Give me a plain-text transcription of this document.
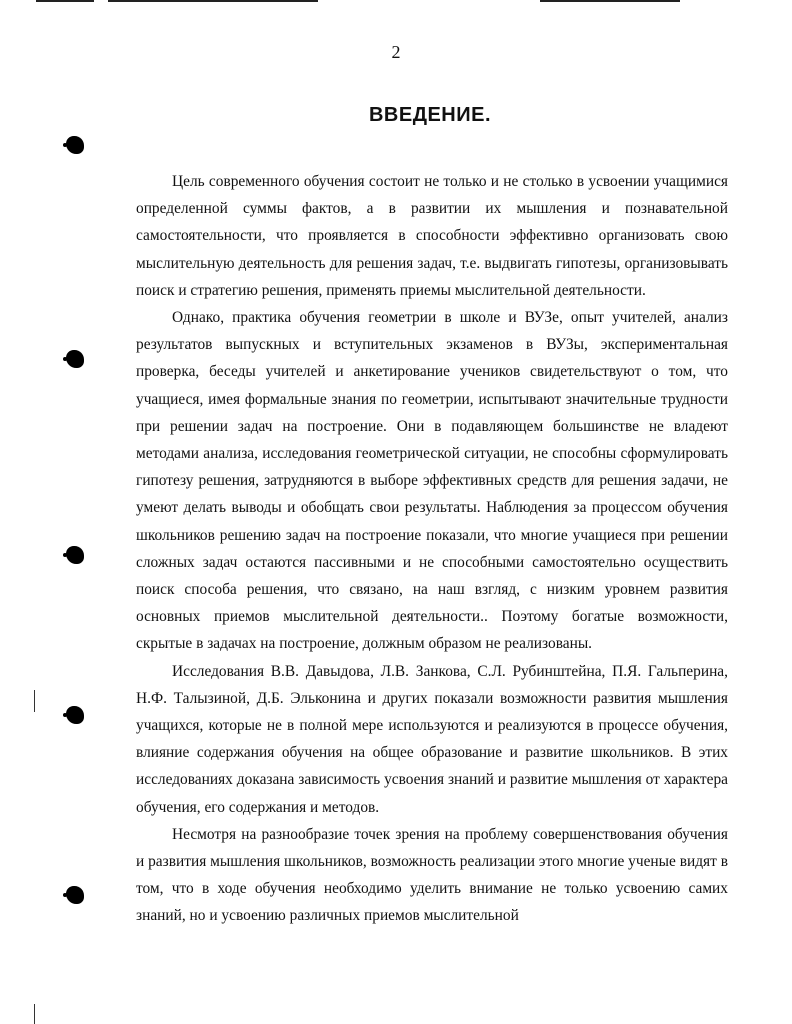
2
ВВЕДЕНИЕ.

Цель современного обучения состоит не только и не столько в усвоении учащимися определенной суммы фактов, а в развитии их мышления и познавательной самостоятельности, что проявляется в способности эффективно организовать свою мыслительную деятельность для решения задач, т.е. выдвигать гипотезы, организовывать поиск и стратегию решения, применять приемы мыслительной деятельности.

Однако, практика обучения геометрии в школе и ВУЗе, опыт учителей, анализ результатов выпускных и вступительных экзаменов в ВУЗы, экспериментальная проверка, беседы учителей и анкетирование учеников свидетельствуют о том, что учащиеся, имея формальные знания по геометрии, испытывают значительные трудности при решении задач на построение. Они в подавляющем большинстве не владеют методами анализа, исследования геометрической ситуации, не способны сформулировать гипотезу решения, затрудняются в выборе эффективных средств для решения задачи, не умеют делать выводы и обобщать свои результаты. Наблюдения за процессом обучения школьников решению задач на построение показали, что многие учащиеся при решении сложных задач остаются пассивными и не способными самостоятельно осуществить поиск способа решения, что связано, на наш взгляд, с низким уровнем развития основных приемов мыслительной деятельности.. Поэтому богатые возможности, скрытые в задачах на построение, должным образом не реализованы.

Исследования В.В. Давыдова, Л.В. Занкова, С.Л. Рубинштейна, П.Я. Гальперина, Н.Ф. Талызиной, Д.Б. Эльконина и других показали возможности развития мышления учащихся, которые не в полной мере используются и реализуются в процессе обучения, влияние содержания обучения на общее образование и развитие школьников. В этих исследованиях доказана зависимость усвоения знаний и развитие мышления от характера обучения, его содержания и методов.

Несмотря на разнообразие точек зрения на проблему совершенствования обучения и развития мышления школьников, возможность реализации этого многие ученые видят в том, что в ходе обучения необходимо уделить внимание не только усвоению самих знаний, но и усвоению различных приемов мыслительной
